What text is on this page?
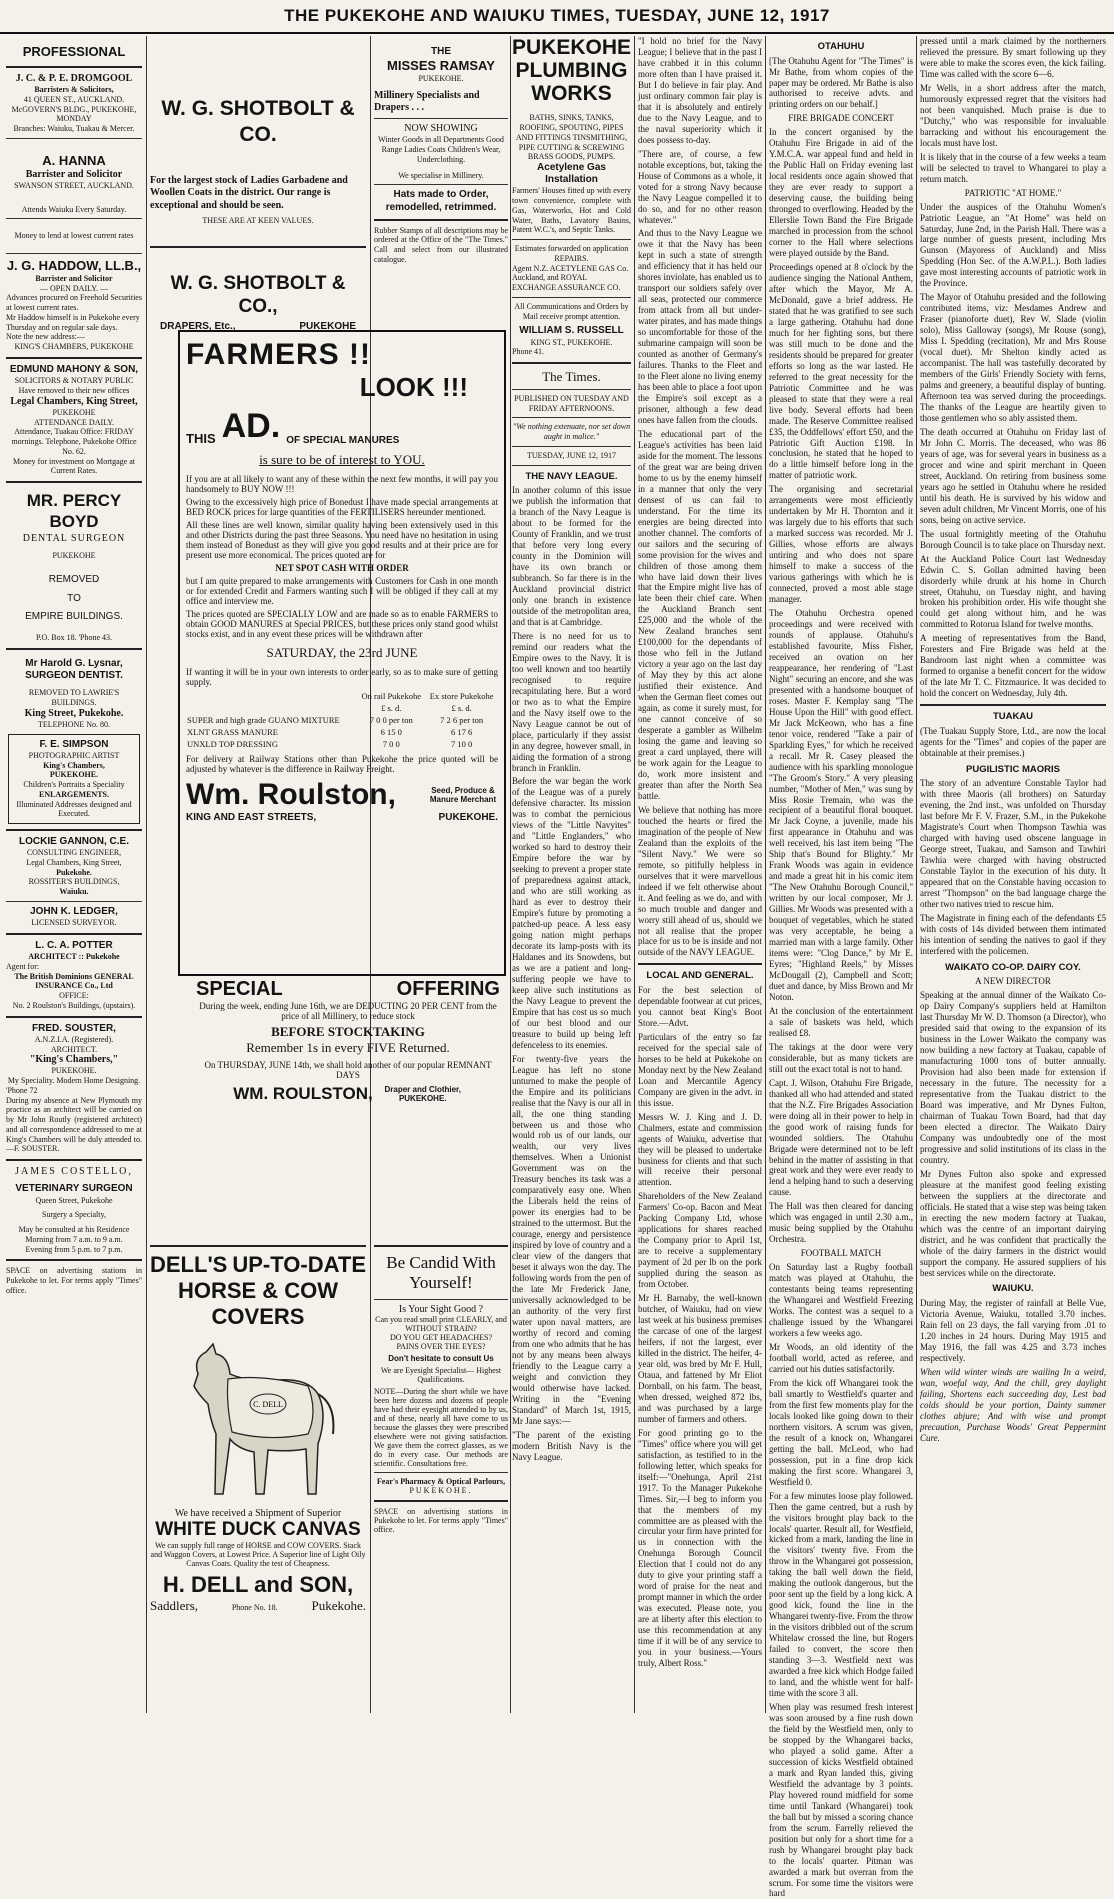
THE PUKEKOHE AND WAIUKU TIMES, TUESDAY, JUNE 12, 1917
PROFESSIONAL
J. C. & P. E. DROMGOOL
Barristers & Solicitors,
41 QUEEN ST., AUCKLAND.
McGOVERN'S BLDG., PUKEKOHE, MONDAY
Branches: Waiuku, Tuakau & Mercer.
A. HANNA
Barrister and Solicitor
SWANSON STREET, AUCKLAND.
Attends Waiuku Every Saturday.
Money to lend at lowest current rates
J. G. HADDOW, LL.B.,
Barrister and Solicitor
— OPEN DAILY. —
Advances procured on Freehold Securities at lowest current rates.
Mr Haddow himself is in Pukekohe every Thursday and on regular sale days.
Note the new address:—
KING'S CHAMBERS, PUKEKOHE
EDMUND MAHONY & SON,
SOLICITORS & NOTARY PUBLIC
Have removed to their new offices
Legal Chambers, King Street,
PUKEKOHE
ATTENDANCE DAILY.
Attendance, Tuakau Office: FRIDAY mornings. Telephone, Pukekohe Office No. 62.
Money for investment on Mortgage at Current Rates.
MR. PERCY BOYD
DENTAL SURGEON
PUKEKOHE
REMOVED
TO
EMPIRE BUILDINGS.
P.O. Box 18. 'Phone 43.
Mr Harold G. Lysnar,
SURGEON DENTIST.
REMOVED TO LAWRIE'S BUILDINGS.
King Street, Pukekohe.
TELEPHONE No. 80.
F. E. SIMPSON
PHOTOGRAPHIC ARTIST
King's Chambers,
PUKEKOHE.
Children's Portraits a Speciality
ENLARGEMENTS.
Illuminated Addresses designed and Executed.
LOCKIE GANNON, C.E.
CONSULTING ENGINEER,
Legal Chambers, King Street,
Pukekohe.
ROSSITER'S BUILDINGS,
Waiuku.
JOHN K. LEDGER,
LICENSED SURVEYOR.
L. C. A. POTTER
ARCHITECT :: Pukekohe
Agent for:
The British Dominions GENERAL INSURANCE Co., Ltd
OFFICE:
No. 2 Roulston's Buildings, (upstairs).
FRED. SOUSTER,
A.N.Z.I.A. (Registered).
ARCHITECT.
"King's Chambers,"
PUKEKOHE.
My Speciality. Modern Home Designing.
'Phone 72
During my absence at New Plymouth my practice as an architect will be carried on by Mr John Routly (registered architect) and all correspondence addressed to me at King's Chambers will be duly attended to.—F. SOUSTER.
JAMES COSTELLO,
VETERINARY SURGEON
Queen Street, Pukekohe
Surgery a Specialty,
May be consulted at his Residence
Morning from 7 a.m. to 9 a.m.
Evening from 5 p.m. to 7 p.m.
SPACE on advertising stations in Pukekohe to let. For terms apply "Times" office.
W. G. SHOTBOLT & CO.
For the largest stock of Ladies Garbadene and Woollen Coats in the district. Our range is exceptional and should be seen.
THESE ARE AT KEEN VALUES.
W. G. SHOTBOLT & CO.,
DRAPERS, Etc.,	PUKEKOHE
THE
MISSES RAMSAY
PUKEKOHE.
Millinery Specialists and Drapers . . .
NOW SHOWING
Winter Goods in all Departments Good Range Ladies Coats Children's Wear, Underclothing.
We specialise in Millinery.
Hats made to Order, remodelled, retrimmed.
Rubber Stamps of all descriptions may be ordered at the Office of the "The Times." Call and select from our illustrated catalogue.
FARMERS !!
LOOK !!!
THIS AD. OF SPECIAL MANURES
is sure to be of interest to YOU.

If you are at all likely to want any of these within the next few months, it will pay you handsomely to BUY NOW !!!

Owing to the excessively high price of Bonedust I have made special arrangements at BED ROCK prices for large quantities of the FERTILISERS hereunder mentioned.

All these lines are well known, similar quality having been extensively used in this and other Districts during the past three Seasons. You need have no hesitation in using them instead of Bonedust as they will give you good results and at their price are for present use more economical. The prices quoted are for

NET SPOT CASH WITH ORDER

but I am quite prepared to make arrangements with Customers for Cash in one month or for extended Credit and Farmers wanting such I will be obliged if they call at my office and interview me.

The prices quoted are SPECIALLY LOW and are made so as to enable FARMERS to obtain GOOD MANURES at Special PRICES, but these prices only stand good whilst stocks exist, and in any event these prices will be withdrawn after

SATURDAY, the 23rd JUNE

If wanting it will be in your own interests to order early, so as to make sure of getting supply.

	On rail Pukekohe	Ex store Pukekohe
	£ s. d.	£ s. d.
SUPER and high grade GUANO MIXTURE	7 0 0 per ton	7 2 6 per ton
XLNT GRASS MANURE	6 15 0	6 17 6
UNXLD TOP DRESSING	7 0 0	7 10 0

For delivery at Railway Stations other than Pukekohe the price quoted will be adjusted by whatever is the difference in Railway Freight.

Wm. Roulston,	Seed, Produce & Manure Merchant
KING AND EAST STREETS,	PUKEKOHE.
SPECIAL	OFFERING

During the week, ending June 16th, we are DEDUCTING 20 PER CENT from the price of all Millinery, to reduce stock

BEFORE STOCKTAKING
Remember 1s in every FIVE Returned.

On THURSDAY, JUNE 14th, we shall hold another of our popular REMNANT DAYS

WM. ROULSTON, Draper and Clothier, PUKEKOHE.
DELL'S UP-TO-DATE
HORSE & COW COVERS
C. DELL
We have received a Shipment of Superior
WHITE DUCK CANVAS
We can supply full range of HORSE and COW COVERS. Stack and Waggon Covers, at Lowest Price. A Superior line of Light Oily Canvas Coats. Quality the test of Cheapness.
H. DELL and SON,
Saddlers,	Phone No. 18.	Pukekohe.
Be Candid With Yourself!
Is Your Sight Good ?
Can you read small print CLEARLY, and WITHOUT STRAIN?
DO YOU GET HEADACHES?
PAINS OVER THE EYES?
Don't hesitate to consult Us
We are Eyesight Specialist— Highest Qualifications.
NOTE—During the short while we have been here dozens and dozens of people have had their eyesight attended to by us, and of these, nearly all have come to us because the glasses they were prescribed elsewhere were not giving satisfaction. We gave them the correct glasses, as we do in every case. Our methods are scientific. Consultations free.
Fear's Pharmacy & Optical Parlours,
PUKEKOHE.
SPACE on advertising stations in Pukekohe to let. For terms apply "Times" office.
PUKEKOHE PLUMBING WORKS
BATHS, SINKS, TANKS, ROOFING, SPOUTING, PIPES AND FITTINGS TINSMITHING,
PIPE CUTTING & SCREWING BRASS GOODS, PUMPS.
Acetylene Gas Installation
Farmers' Houses fitted up with every town convenience, complete with Gas, Waterworks, Hot and Cold Water, Baths, Lavatory Basins, Patent W.C.'s, and Septic Tanks.
Estimates forwarded on application
REPAIRS.
Agent N.Z. ACETYLENE GAS Co. Auckland, and ROYAL EXCHANGE ASSURANCE CO.
All Communications and Orders by Mail receive prompt attention.
WILLIAM S. RUSSELL
KING ST., PUKEKOHE.
Phone 41.
The Times.
PUBLISHED ON TUESDAY AND FRIDAY AFTERNOONS.
"We nothing extenuate, nor set down aught in malice."
TUESDAY, JUNE 12, 1917
THE NAVY LEAGUE.

In another column of this issue we publish the information that a branch of the Navy League is about to be formed for the County of Franklin, and we trust that before very long every county in the Dominion will have its own branch or subbranch. So far there is in the Auckland provincial district only one branch in existence outside of the metropolitan area, and that is at Cambridge.

There is no need for us to remind our readers what the Empire owes to the Navy. It is too well known and too heartily recognised to require recapitulating here. But a word or two as to what the Empire and the Navy itself owe to the Navy League cannot be out of place, particularly if they assist in any degree, however small, in aiding the formation of a strong branch in Franklin.

Before the war began the work of the League was of a purely defensive character. Its mission was to combat the pernicious views of the "Little Navyites" and "Little Englanders," who worked so hard to destroy their Empire before the war by seeking to prevent a proper state of preparedness against attack, and who are still working as hard as ever to destroy their Empire's future by promoting a patched-up peace. A less easy going nation might perhaps decorate its lamp-posts with its Haldanes and its Snowdens, but as we are a patient and long-suffering people we have to keep alive such institutions as the Navy League to prevent the Empire that has cost us so much of our best blood and our treasure to build up being left defenceless to its enemies.

For twenty-five years the League has left no stone unturned to make the people of the Empire and its politicians realise that the Navy is our all in all, the one thing standing between us and those who would rob us of our lands, our wealth, our very lives themselves. When a Unionist Government was on the Treasury benches its task was a comparatively easy one. When the Liberals held the reins of power its energies had to be strained to the uttermost. But the courage, energy and persistence inspired by love of country and a clear view of the dangers that beset it always won the day. The following words from the pen of the late Mr Frederick Jane, universally acknowledged to be an authority of the very first water upon naval matters, are worthy of record and coming from one who admits that he has not by any means been always friendly to the League carry a weight and conviction they would otherwise have lacked. Writing in the "Evening Standard" of March 1st, 1915, Mr Jane says:—

"The parent of the existing modern British Navy is the Navy League.

"I hold no brief for the Navy League; I believe that in the past I have crabbed it in this column more often than I have praised it. But I do believe in fair play. And just ordinary common fair play is that it is absolutely and entirely due to the Navy League, and to the naval superiority which it does possess to-day.

"There are, of course, a few notable exceptions, but, taking the House of Commons as a whole, it voted for a strong Navy because the Navy League compelled it to do so, and for no other reason whatever."

And thus to the Navy League we owe it that the Navy has been kept in such a state of strength and efficiency that it has held our shores inviolate, has enabled us to transport our soldiers safely over all seas, protected our commerce from attack from all but under-water pirates, and has made things so uncomfortable for those of the submarine campaign will soon be counted as another of Germany's failures. Thanks to the Fleet and to the Fleet alone no living enemy has been able to place a foot upon the Empire's soil except as a prisoner, although a few dead ones have fallen from the clouds.

The educational part of the League's activities has been laid aside for the moment. The lessons of the great war are being driven home to us by the enemy himself in a manner that only the very densest of us can fail to understand. For the time its energies are being directed into another channel. The comforts of our sailors and the securing of some provision for the wives and children of those among them who have laid down their lives that the Empire might live has of late been their chief care. When the Auckland Branch sent £25,000 and the whole of the New Zealand branches sent £100,000 for the dependants of those who fell in the Jutland victory a year ago on the last day of May they by this act alone justified their existence. And when the German fleet comes out again, as come it surely must, for one cannot conceive of so desperate a gambler as Wilhelm losing the game and leaving so great a card unplayed, there will be work again for the League to do, work more insistent and greater than after the North Sea battle.

We believe that nothing has more touched the hearts or fired the imagination of the people of New Zealand than the exploits of the "Silent Navy." We were so remote, so pitifully helpless in ourselves that it were marvellous indeed if we felt otherwise about it. And feeling as we do, and with so much trouble and danger and worry still ahead of us, should we not all realise that the proper place for us to be is inside and not outside of the NAVY LEAGUE.

LOCAL AND GENERAL.

For the best selection of dependable footwear at cut prices, you cannot beat King's Boot Store.—Advt.

Particulars of the entry so far received for the special sale of horses to be held at Pukekohe on Monday next by the New Zealand Loan and Mercantile Agency Company are given in the advt. in this issue.

Messrs W. J. King and J. D. Chalmers, estate and commission agents of Waiuku, advertise that they will be pleased to undertake business for clients and that such will receive their personal attention.

Shareholders of the New Zealand Farmers' Co-op. Bacon and Meat Packing Company Ltd, whose applications for shares reached the Company prior to April 1st, are to receive a supplementary payment of 2d per lb on the pork supplied during the season as from October.

Mr H. Barnaby, the well-known butcher, of Waiuku, had on view last week at his business premises the carcase of one of the largest heifers, if not the largest, ever killed in the district. The heifer, 4-year old, was bred by Mr F. Hull, Otaua, and fattened by Mr Eliot Dornball, on his farm. The beast, when dressed, weighed 872 lbs, and was purchased by a large number of farmers and others.

For good printing go to the "Times" office where you will get satisfaction, as testified to in the following letter, which speaks for itself:—"Onehunga, April 21st 1917. To the Manager Pukekohe Times. Sir,—I beg to inform you that the members of my committee are as pleased with the circular your firm have printed for us in connection with the Onehunga Borough Council Election that I could not do any duty to give your printing staff a word of praise for the neat and prompt manner in which the order was executed. Please note, you are at liberty after this election to use this recommendation at any time if it will be of any service to you in your business.—Yours truly, Albert Ross."

OTAHUHU

[The Otahuhu Agent for "The Times" is Mr Bathe, from whom copies of the paper may be ordered. Mr Bathe is also authorised to receive advts. and printing orders on our behalf.]

FIRE BRIGADE CONCERT

In the concert organised by the Otahuhu Fire Brigade in aid of the Y.M.C.A. war appeal fund and held in the Public Hall on Friday evening last local residents once again showed that they are ever ready to support a deserving cause, the building being thronged to overflowing. Headed by the Ellerslie Town Band the Fire Brigade marched in procession from the school corner to the Hall where selections were played outside by the Band.

Proceedings opened at 8 o'clock by the audience singing the National Anthem, after which the Mayor, Mr A. McDonald, gave a brief address. He stated that he was gratified to see such a large gathering. Otahuhu had done much for her fighting sons, but there was still much to be done and the residents should be prepared for greater efforts so long as the war lasted. He referred to the great necessity for the Patriotic Committee and he was pleased to state that they were a real live body. Several efforts had been made. The Reserve Committee realised £35, the Oddfellows' effort £50, and the Patriotic Gift Auction £198. In conclusion, he stated that he hoped to do a little himself before long in the matter of patriotic work.

The organising and secretarial arrangements were most efficiently undertaken by Mr H. Thornton and it was largely due to his efforts that such a marked success was recorded. Mr J. Gillies, whose efforts are always untiring and who does not spare himself to make a success of the various gatherings with which he is connected, proved a most able stage manager.

The Otahuhu Orchestra opened proceedings and were received with rounds of applause. Otahuhu's established favourite, Miss Fisher, received an ovation on her reappearance, her rendering of "Last Night" securing an encore, and she was presented with a handsome bouquet of roses. Master F. Kemplay sang "The House Upon the Hill" with good effect. Mr Jack McKeown, who has a fine tenor voice, rendered "Take a pair of Sparkling Eyes," for which he received a recall. Mr R. Casey pleased the audience with his sparkling monologue "The Groom's Story." A very pleasing number, "Mother of Men," was sung by Miss Rosie Tremain, who was the recipient of a beautiful floral bouquet. Mr Jack Coyne, a juvenile, made his first appearance in Otahuhu and was well received, his last item being "The Ship that's Bound for Blighty." Mr Frank Woods was again in evidence and made a great hit in his comic item "The New Otahuhu Borough Council," written by our local composer, Mr J. Gillies. Mr Woods was presented with a bouquet of vegetables, which he stated was very acceptable, he being a married man with a large family. Other items were: "Clog Dance," by Mr E. Eyres; "Highland Reels," by Misses McDougall (2), Campbell and Scott; duet and dance, by Miss Brown and Mr Noton.

At the conclusion of the entertainment a sale of baskets was held, which realised £8.

The takings at the door were very considerable, but as many tickets are still out the exact total is not to hand.

Capt. J. Wilson, Otahuhu Fire Brigade, thanked all who had attended and stated that the N.Z. Fire Brigades Association were doing all in their power to help in the good work of raising funds for wounded soldiers. The Otahuhu Brigade were determined not to be left behind in the matter of assisting in that great work and they were ever ready to lend a helping hand to such a deserving cause.

The Hall was then cleared for dancing which was engaged in until 2.30 a.m., music being supplied by the Otahuhu Orchestra.

FOOTBALL MATCH

On Saturday last a Rugby football match was played at Otahuhu, the contestants being teams representing the Whangarei and Westfield Freezing Works. The contest was a sequel to a challenge issued by the Whangarei workers a few weeks ago.

Mr Woods, an old identity of the football world, acted as referee, and carried out his duties satisfactorily.

From the kick off Whangarei took the ball smartly to Westfield's quarter and from the first few moments play for the locals looked like going down to their northern visitors. A scrum was given, the result of a knock on, Whangarei getting the ball. McLeod, who had possession, put in a fine drop kick making the first score. Whangarei 3, Westfield 0.

For a few minutes loose play followed. Then the game centred, but a rush by the visitors brought play back to the locals' quarter. Result all, for Westfield, kicked from a mark, landing the line in the visitors' twenty five. From the throw in the Whangarei got possession, taking the ball well down the field, making the outlook dangerous, but the poor sent up the field by a long kick. A good kick, found the line in the Whangarei twenty-five. From the throw in the visitors dribbled out of the scrum Whitelaw crossed the line, but Rogers failed to convert, the score then standing 3—3. Westfield next was awarded a free kick which Hodge failed to land, and the whistle went for half-time with the score 3 all.

When play was resumed fresh interest was soon aroused by a fine rush down the field by the Westfield men, only to be stopped by the Whangarei backs, who played a solid game. After a succession of kicks Westfield obtained a mark and Ryan landed this, giving Westfield the advantage by 3 points. Play hovered round midfield for some time until Tankard (Whangarei) took the ball but by missed a scoring chance from the scrum. Farrelly relieved the position but only for a short time for a rush by Whangarei brought play back to the locals' quarter. Pitman was awarded a mark but overran from the scrum. For some time the visitors were hard

pressed until a mark claimed by the northerners relieved the pressure. By smart following up they were able to make the scores even, the kick failing. Time was called with the score 6—6.

Mr Wells, in a short address after the match, humorously expressed regret that the visitors had not been vanquished. Much praise is due to "Dutchy," who was responsible for invaluable barracking and without his encouragement the locals must have lost.

It is likely that in the course of a few weeks a team will be selected to travel to Whangarei to play a return match.

PATRIOTIC "AT HOME."

Under the auspices of the Otahuhu Women's Patriotic League, an "At Home" was held on Saturday, June 2nd, in the Parish Hall. There was a large number of guests present, including Mrs Gunson (Mayoress of Auckland) and Miss Spedding (Hon Sec. of the A.W.P.L.). Both ladies gave most interesting accounts of patriotic work in the Province.

The Mayor of Otahuhu presided and the following contributed items, viz: Mesdames Andrew and Fraser (pianoforte duet), Rev W. Slade (violin solo), Miss Galloway (songs), Mr Rouse (song), Miss I. Spedding (recitation), Mr and Mrs Rouse (vocal duet). Mr Shelton kindly acted as accompanist. The hall was tastefully decorated by members of the Girls' Friendly Society with ferns, palms and greenery, a beautiful display of bunting. Afternoon tea was served during the proceedings. The thanks of the League are heartily given to those gentlemen who so ably assisted them.

The death occurred at Otahuhu on Friday last of Mr John C. Morris. The deceased, who was 86 years of age, was for several years in business as a grocer and wine and spirit merchant in Queen street, Auckland. On retiring from business some years ago he settled in Otahuhu where he resided until his death. He is survived by his widow and seven adult children, Mr Vincent Morris, one of his sons, being on active service.

The usual fortnightly meeting of the Otahuhu Borough Council is to take place on Thursday next.

At the Auckland Police Court last Wednesday Edwin C. S. Gollan admitted having been disorderly while drunk at his home in Church street, Otahuhu, on Tuesday night, and having broken his prohibition order. His wife thought she could get along without him, and he was committed to Rotorua Island for twelve months.

A meeting of representatives from the Band, Foresters and Fire Brigade was held at the Bandroom last night when a committee was formed to organise a benefit concert for the widow of the late Mr T. C. Fitzmaurice. It was decided to hold the concert on Wednesday, July 4th.

TUAKAU

(The Tuakau Supply Store, Ltd., are now the local agents for the "Times" and copies of the paper are obtainable at their premises.)

PUGILISTIC MAORIS

The story of an adventure Constable Taylor had with three Maoris (all brothers) on Saturday evening, the 2nd inst., was unfolded on Thursday last before Mr F. V. Frazer, S.M., in the Pukekohe Magistrate's Court when Thompson Tawhia was charged with having used obscene language in George street, Tuakau, and Samson and Tawhiri Tawhia were charged with having obstructed Constable Taylor in the execution of his duty. It appeared that on the Constable having occasion to arrest "Thompson" on the bad language charge the other two natives tried to rescue him.

The Magistrate in fining each of the defendants £5 with costs of 14s divided between them intimated his intention of sending the natives to gaol if they interfered with the policemen.

WAIKATO CO-OP. DAIRY COY.
A NEW DIRECTOR

Speaking at the annual dinner of the Waikato Co-op Dairy Company's suppliers held at Hamilton last Thursday Mr W. D. Thomson (a Director), who presided said that owing to the expansion of its business in the Lower Waikato the company was now building a new factory at Tuakau, capable of manufacturing 1000 tons of butter annually. Provision had also been made for extension if necessary in the future. The necessity for a representative from the Tuakau district to the Board was imperative, and Mr Dynes Fulton, chairman of Tuakau Town Board, had that day been elected a director. The Waikato Dairy Company was undoubtedly one of the most progressive and solid institutions of its class in the country.

Mr Dynes Fulton also spoke and expressed pleasure at the manifest good feeling existing between the suppliers at the directorate and officials. He stated that a wise step was being taken in erecting the new modern factory at Tuakau, which was the centre of an important dairying district, and he was confident that practically the whole of the dairy farmers in the district would support the company. He assured suppliers of his best services while on the directorate.

WAIUKU.

During May, the register of rainfall at Belle Vue, Victoria Avenue, Waiuku, totalled 3.70 inches. Rain fell on 23 days, the fall varying from .01 to 1.20 inches in 24 hours. During May 1915 and May 1916, the fall was 4.25 and 3.73 inches respectively.

When wild winter winds are wailing In a weird, wan, woeful way, And the chill, grey daylight failing, Shortens each succeeding day, Lest bad colds should be your portion, Dainty summer clothes abjure; And with wise and prompt precaution, Purchase Woods' Great Peppermint Cure.
